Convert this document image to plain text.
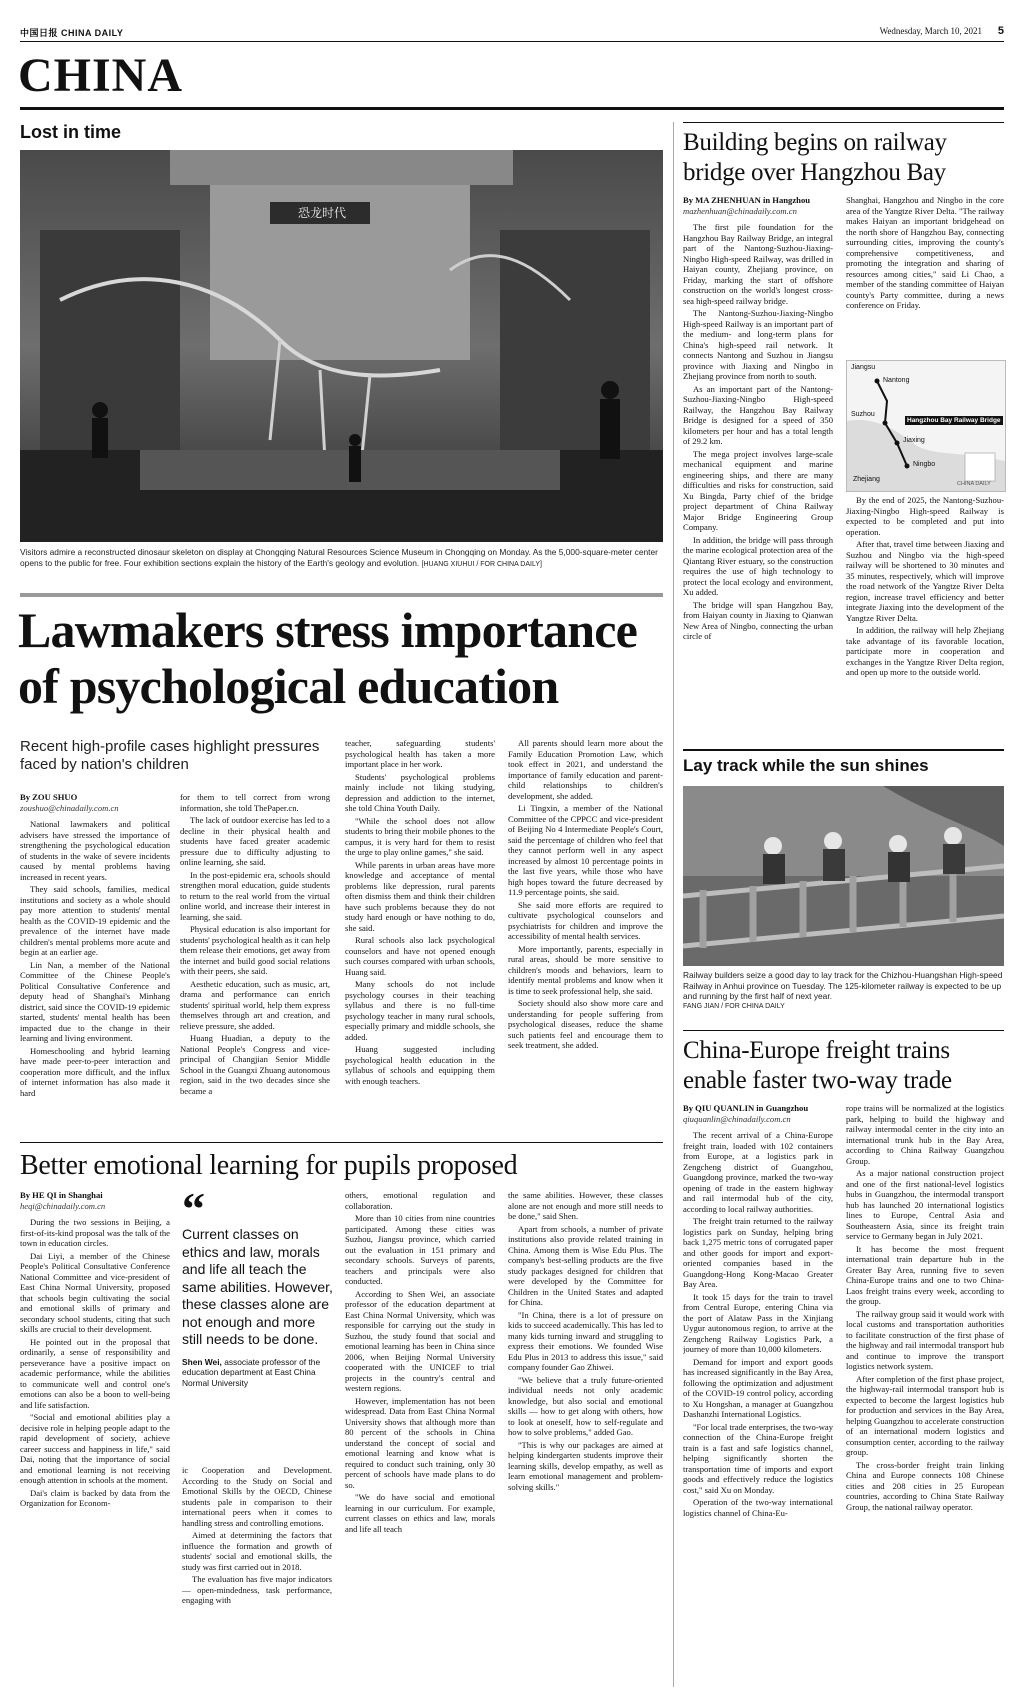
中国日报 CHINA DAILY	Wednesday, March 10, 2021 5
CHINA
Lost in time
恐龙时代
Visitors admire a reconstructed dinosaur skeleton on display at Chongqing Natural Resources Science Museum in Chongqing on Monday. As the 5,000-square-meter center opens to the public for free. Four exhibition sections explain the history of the Earth's geology and evolution. [HUANG XIUHUI / FOR CHINA DAILY]
Lawmakers stress importance
of psychological education
Recent high-profile cases highlight pressures faced by nation's children
By ZOU SHUO
zoushuo@chinadaily.com.cn

National lawmakers and political advisers have stressed the importance of strengthening the psychological education of students in the wake of severe incidents caused by mental problems having increased in recent years.

They said schools, families, medical institutions and society as a whole should pay more attention to students' mental health as the COVID-19 epidemic and the prevalence of the internet have made children's mental problems more acute and begin at an earlier age.

Lin Nan, a member of the National Committee of the Chinese People's Political Consultative Conference and deputy head of Shanghai's Minhang district, said since the COVID-19 epidemic started, students' mental health has been impacted due to the change in their learning and living environment.

Homeschooling and hybrid learning have made peer-to-peer interaction and cooperation more difficult, and the influx of internet information has also made it hard

for them to tell correct from wrong information, she told ThePaper.cn.

The lack of outdoor exercise has led to a decline in their physical health and students have faced greater academic pressure due to difficulty adjusting to online learning, she said.

In the post-epidemic era, schools should strengthen moral education, guide students to return to the real world from the virtual online world, and increase their interest in learning, she said.

Physical education is also important for students' psychological health as it can help them release their emotions, get away from the internet and build good social relations with their peers, she said.

Aesthetic education, such as music, art, drama and performance can enrich students' spiritual world, help them express themselves through art and creation, and relieve pressure, she added.

Huang Huadian, a deputy to the National People's Congress and vice-principal of Changjian Senior Middle School in the Guangxi Zhuang autonomous region, said in the two decades since she became a

teacher, safeguarding students' psychological health has taken a more important place in her work.

Students' psychological problems mainly include not liking studying, depression and addiction to the internet, she told China Youth Daily.

"While the school does not allow students to bring their mobile phones to the campus, it is very hard for them to resist the urge to play online games," she said.

While parents in urban areas have more knowledge and acceptance of mental problems like depression, rural parents often dismiss them and think their children have such problems because they do not study hard enough or have nothing to do, she said.

Rural schools also lack psychological counselors and have not opened enough such courses compared with urban schools, Huang said.

Many schools do not include psychology courses in their teaching syllabus and there is no full-time psychology teacher in many rural schools, especially primary and middle schools, she added.

Huang suggested including psychological health education in the syllabus of schools and equipping them with enough teachers.

All parents should learn more about the Family Education Promotion Law, which took effect in 2021, and understand the importance of family education and parent-child relationships to children's development, she added.

Li Tingxin, a member of the National Committee of the CPPCC and vice-president of Beijing No 4 Intermediate People's Court, said the percentage of children who feel that they cannot perform well in any aspect increased by almost 10 percentage points in the last five years, while those who have high hopes toward the future decreased by 11.9 percentage points, she said.

She said more efforts are required to cultivate psychological counselors and psychiatrists for children and improve the accessibility of mental health services.

More importantly, parents, especially in rural areas, should be more sensitive to children's moods and behaviors, learn to identify mental problems and know when it is time to seek professional help, she said.

Society should also show more care and understanding for people suffering from psychological diseases, reduce the shame such patients feel and encourage them to seek treatment, she added.

Better emotional learning for pupils proposed
By HE QI in Shanghai
heqi@chinadaily.com.cn

During the two sessions in Beijing, a first-of-its-kind proposal was the talk of the town in education circles.

Dai Liyi, a member of the Chinese People's Political Consultative Conference National Committee and vice-president of East China Normal University, proposed that schools begin cultivating the social and emotional skills of primary and secondary school students, citing that such skills are crucial to their development.

He pointed out in the proposal that ordinarily, a sense of responsibility and perseverance have a positive impact on academic performance, while the abilities to communicate well and control one's emotions can also be a boon to well-being and life satisfaction.

"Social and emotional abilities play a decisive role in helping people adapt to the rapid development of society, achieve career success and happiness in life," said Dai, noting that the importance of social and emotional learning is not receiving enough attention in schools at the moment.

Dai's claim is backed by data from the Organization for Econom-

“
Current classes on ethics and law, morals and life all teach the same abilities. However, these classes alone are not enough and more still needs to be done.
Shen Wei, associate professor of the education department at East China Normal University

ic Cooperation and Development. According to the Study on Social and Emotional Skills by the OECD, Chinese students pale in comparison to their international peers when it comes to handling stress and controlling emotions.

Aimed at determining the factors that influence the formation and growth of students' social and emotional skills, the study was first carried out in 2018.

The evaluation has five major indicators — open-mindedness, task performance, engaging with

others, emotional regulation and collaboration.

More than 10 cities from nine countries participated. Among these cities was Suzhou, Jiangsu province, which carried out the evaluation in 151 primary and secondary schools. Surveys of parents, teachers and principals were also conducted.

According to Shen Wei, an associate professor of the education department at East China Normal University, which was responsible for carrying out the study in Suzhou, the study found that social and emotional learning has been in China since 2006, when Beijing Normal University cooperated with the UNICEF to trial projects in the country's central and western regions.

However, implementation has not been widespread. Data from East China Normal University shows that although more than 80 percent of the schools in China understand the concept of social and emotional learning and know what is required to conduct such training, only 30 percent of schools have made plans to do so.

"We do have social and emotional learning in our curriculum. For example, current classes on ethics and law, morals and life all teach

the same abilities. However, these classes alone are not enough and more still needs to be done," said Shen.

Apart from schools, a number of private institutions also provide related training in China. Among them is Wise Edu Plus. The company's best-selling products are the five study packages designed for children that were developed by the Committee for Children in the United States and adapted for China.

"In China, there is a lot of pressure on kids to succeed academically. This has led to many kids turning inward and struggling to express their emotions. We founded Wise Edu Plus in 2013 to address this issue," said company founder Gao Zhiwei.

"We believe that a truly future-oriented individual needs not only academic knowledge, but also social and emotional skills — how to get along with others, how to look at oneself, how to self-regulate and how to solve problems," added Gao.

"This is why our packages are aimed at helping kindergarten students improve their learning skills, develop empathy, as well as learn emotional management and problem-solving skills."

Building begins on railway
bridge over Hangzhou Bay
By MA ZHENHUAN in Hangzhou
mazhenhuan@chinadaily.com.cn

The first pile foundation for the Hangzhou Bay Railway Bridge, an integral part of the Nantong-Suzhou-Jiaxing-Ningbo High-speed Railway, was drilled in Haiyan county, Zhejiang province, on Friday, marking the start of offshore construction on the world's longest cross-sea high-speed railway bridge.

The Nantong-Suzhou-Jiaxing-Ningbo High-speed Railway is an important part of the medium- and long-term plans for China's high-speed rail network. It connects Nantong and Suzhou in Jiangsu province with Jiaxing and Ningbo in Zhejiang province from north to south.

As an important part of the Nantong-Suzhou-Jiaxing-Ningbo High-speed Railway, the Hangzhou Bay Railway Bridge is designed for a speed of 350 kilometers per hour and has a total length of 29.2 km.

The mega project involves large-scale mechanical equipment and marine engineering ships, and there are many difficulties and risks for construction, said Xu Bingda, Party chief of the bridge project department of China Railway Major Bridge Engineering Group Company.

In addition, the bridge will pass through the marine ecological protection area of the Qiantang River estuary, so the construction requires the use of high technology to protect the local ecology and environment, Xu added.

The bridge will span Hangzhou Bay, from Haiyan county in Jiaxing to Qianwan New Area of Ningbo, connecting the urban circle of

Shanghai, Hangzhou and Ningbo in the core area of the Yangtze River Delta. "The railway makes Haiyan an important bridgehead on the north shore of Hangzhou Bay, connecting surrounding cities, improving the county's comprehensive competitiveness, and promoting the integration and sharing of resources among cities," said Li Chao, a member of the standing committee of Haiyan county's Party committee, during a news conference on Friday.

Jiangsu
Nantong
Suzhou
Jiaxing
Ningbo
Zhejiang
Hangzhou Bay Railway Bridge
CHINA DAILY

By the end of 2025, the Nantong-Suzhou-Jiaxing-Ningbo High-speed Railway is expected to be completed and put into operation.

After that, travel time between Jiaxing and Suzhou and Ningbo via the high-speed railway will be shortened to 30 minutes and 35 minutes, respectively, which will improve the road network of the Yangtze River Delta region, increase travel efficiency and better integrate Jiaxing into the development of the Yangtze River Delta.

In addition, the railway will help Zhejiang take advantage of its favorable location, participate more in cooperation and exchanges in the Yangtze River Delta region, and open up more to the outside world.

Lay track while the sun shines
Railway builders seize a good day to lay track for the Chizhou-Huangshan High-speed Railway in Anhui province on Tuesday. The 125-kilometer railway is expected to be up and running by the first half of next year.
FANG JIAN / FOR CHINA DAILY
China-Europe freight trains
enable faster two-way trade
By QIU QUANLIN in Guangzhou
qiuquanlin@chinadaily.com.cn

The recent arrival of a China-Europe freight train, loaded with 102 containers from Europe, at a logistics park in Zengcheng district of Guangzhou, Guangdong province, marked the two-way opening of trade in the eastern highway and rail intermodal hub of the city, according to local railway authorities.

The freight train returned to the railway logistics park on Sunday, helping bring back 1,275 metric tons of corrugated paper and other goods for import and export-oriented companies based in the Guangdong-Hong Kong-Macao Greater Bay Area.

It took 15 days for the train to travel from Central Europe, entering China via the port of Alataw Pass in the Xinjiang Uygur autonomous region, to arrive at the Zengcheng Railway Logistics Park, a journey of more than 10,000 kilometers.

Demand for import and export goods has increased significantly in the Bay Area, following the optimization and adjustment of the COVID-19 control policy, according to Xu Hongshan, a manager at Guangzhou Dashanzhi International Logistics.

"For local trade enterprises, the two-way connection of the China-Europe freight train is a fast and safe logistics channel, helping significantly shorten the transportation time of imports and export goods and effectively reduce the logistics cost," said Xu on Monday.

Operation of the two-way international logistics channel of China-Eu-

rope trains will be normalized at the logistics park, helping to build the highway and railway intermodal center in the city into an international trunk hub in the Bay Area, according to China Railway Guangzhou Group.

As a major national construction project and one of the first national-level logistics hubs in Guangzhou, the intermodal transport hub has launched 20 international logistics lines to Europe, Central Asia and Southeastern Asia, since its freight train service to Germany began in July 2021.

It has become the most frequent international train departure hub in the Greater Bay Area, running five to seven China-Europe trains and one to two China-Laos freight trains every week, according to the group.

The railway group said it would work with local customs and transportation authorities to facilitate construction of the first phase of the highway and rail intermodal transport hub and continue to improve the transport logistics network system.

After completion of the first phase project, the highway-rail intermodal transport hub is expected to become the largest logistics hub for production and services in the Bay Area, helping Guangzhou to accelerate construction of an international modern logistics and consumption center, according to the railway group.

The cross-border freight train linking China and Europe connects 108 Chinese cities and 208 cities in 25 European countries, according to China State Railway Group, the national railway operator.
